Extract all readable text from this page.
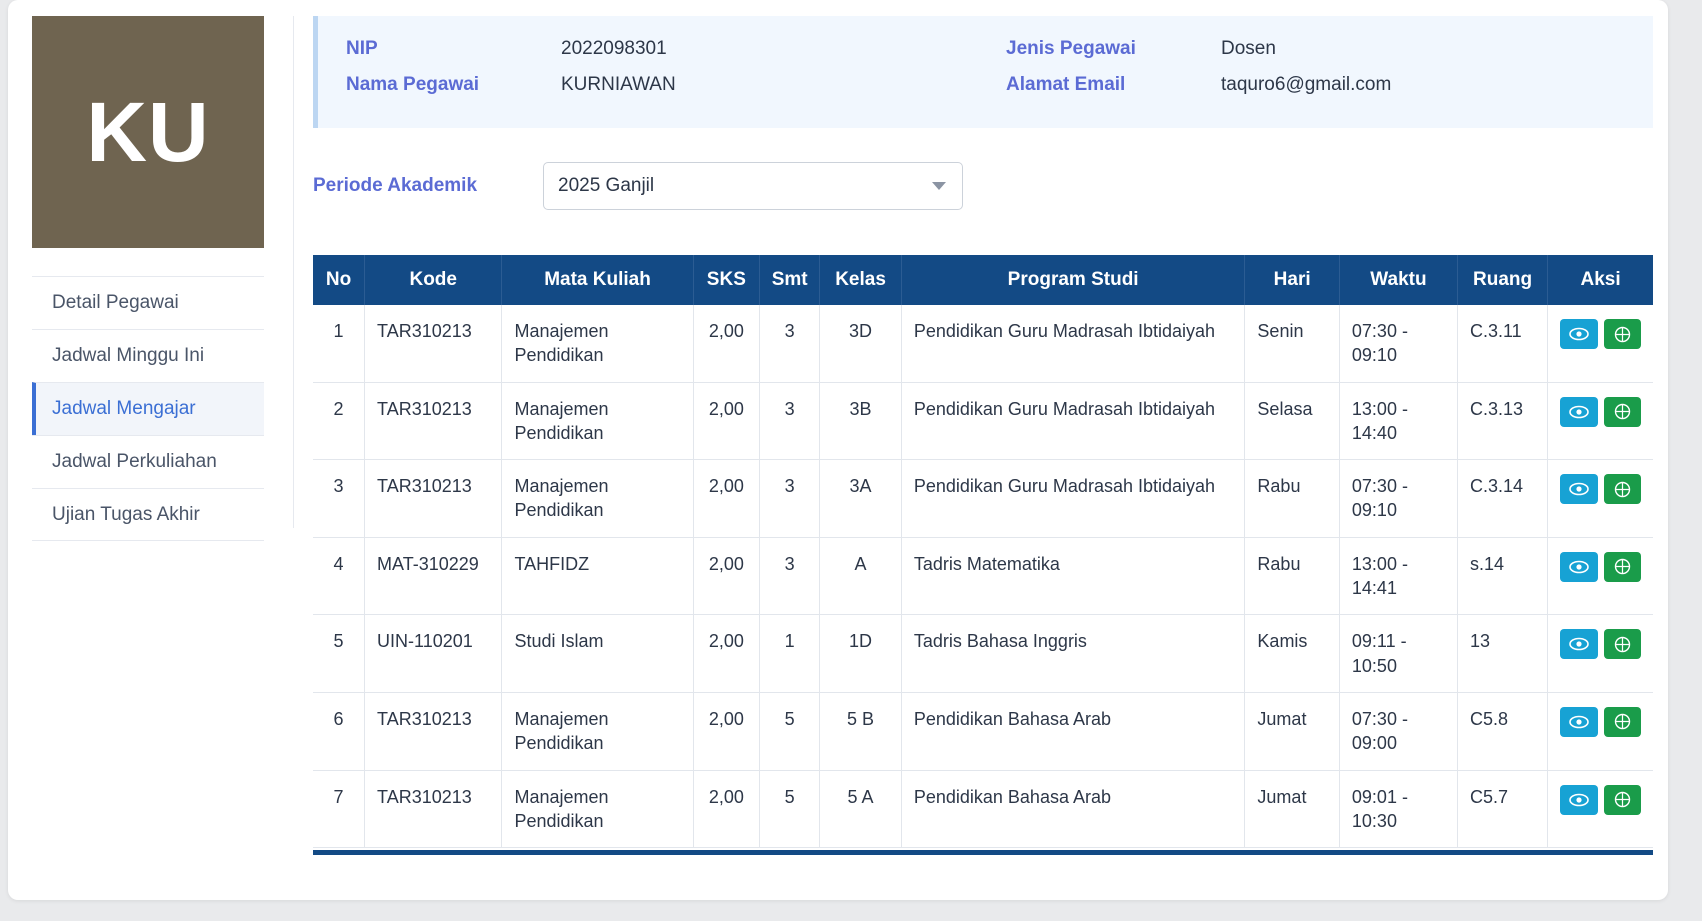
KU
Detail Pegawai
Jadwal Minggu Ini
Jadwal Mengajar
Jadwal Perkuliahan
Ujian Tugas Akhir
NIP	2022098301
Nama Pegawai	KURNIAWAN
Jenis Pegawai	Dosen
Alamat Email	taquro6@gmail.com
Periode Akademik	2025 Ganjil
No	Kode	Mata Kuliah	SKS	Smt	Kelas	Program Studi	Hari	Waktu	Ruang	Aksi
1	TAR310213	Manajemen Pendidikan	2,00	3	3D	Pendidikan Guru Madrasah Ibtidaiyah	Senin	07:30 - 09:10	C.3.11	

2	TAR310213	Manajemen Pendidikan	2,00	3	3B	Pendidikan Guru Madrasah Ibtidaiyah	Selasa	13:00 - 14:40	C.3.13	

3	TAR310213	Manajemen Pendidikan	2,00	3	3A	Pendidikan Guru Madrasah Ibtidaiyah	Rabu	07:30 - 09:10	C.3.14	

4	MAT-310229	TAHFIDZ	2,00	3	A	Tadris Matematika	Rabu	13:00 - 14:41	s.14	

5	UIN-110201	Studi Islam	2,00	1	1D	Tadris Bahasa Inggris	Kamis	09:11 - 10:50	13	

6	TAR310213	Manajemen Pendidikan	2,00	5	5 B	Pendidikan Bahasa Arab	Jumat	07:30 - 09:00	C5.8	

7	TAR310213	Manajemen Pendidikan	2,00	5	5 A	Pendidikan Bahasa Arab	Jumat	09:01 - 10:30	C5.7	
